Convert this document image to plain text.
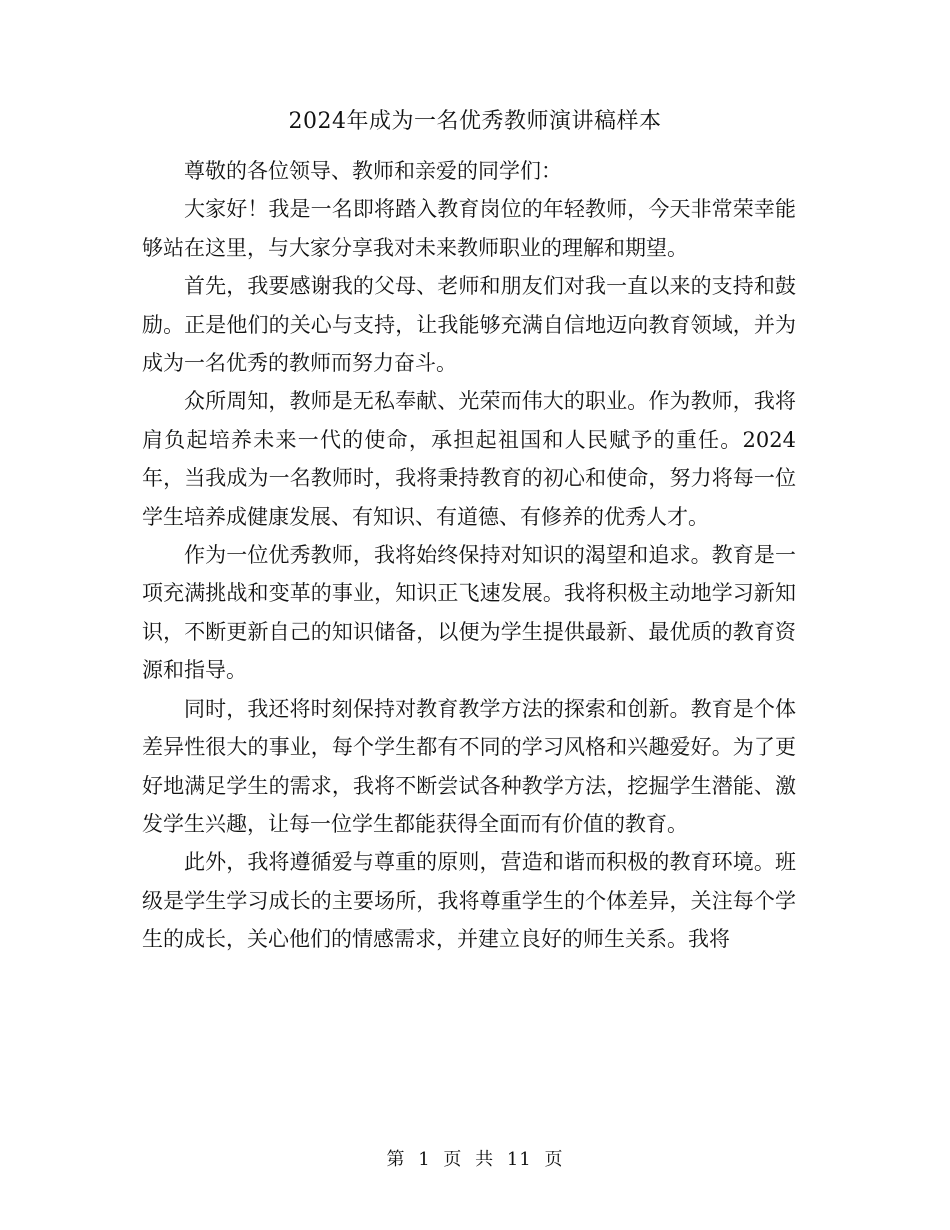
2024年成为一名优秀教师演讲稿样本

尊敬的各位领导、教师和亲爱的同学们：

大家好！我是一名即将踏入教育岗位的年轻教师，今天非常荣幸能够站在这里，与大家分享我对未来教师职业的理解和期望。

首先，我要感谢我的父母、老师和朋友们对我一直以来的支持和鼓励。正是他们的关心与支持，让我能够充满自信地迈向教育领域，并为成为一名优秀的教师而努力奋斗。

众所周知，教师是无私奉献、光荣而伟大的职业。作为教师，我将肩负起培养未来一代的使命，承担起祖国和人民赋予的重任。2024年，当我成为一名教师时，我将秉持教育的初心和使命，努力将每一位学生培养成健康发展、有知识、有道德、有修养的优秀人才。

作为一位优秀教师，我将始终保持对知识的渴望和追求。教育是一项充满挑战和变革的事业，知识正飞速发展。我将积极主动地学习新知识，不断更新自己的知识储备，以便为学生提供最新、最优质的教育资源和指导。

同时，我还将时刻保持对教育教学方法的探索和创新。教育是个体差异性很大的事业，每个学生都有不同的学习风格和兴趣爱好。为了更好地满足学生的需求，我将不断尝试各种教学方法，挖掘学生潜能、激发学生兴趣，让每一位学生都能获得全面而有价值的教育。

此外，我将遵循爱与尊重的原则，营造和谐而积极的教育环境。班级是学生学习成长的主要场所，我将尊重学生的个体差异，关注每个学生的成长，关心他们的情感需求，并建立良好的师生关系。我将

第 1 页 共 11 页
